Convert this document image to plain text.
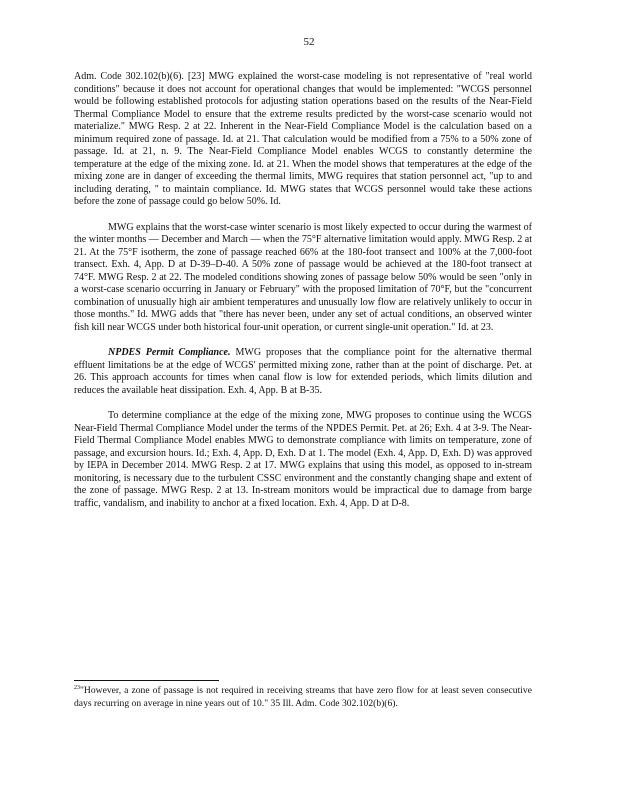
52

Adm. Code 302.102(b)(6). [23] MWG explained the worst-case modeling is not representative of "real world conditions" because it does not account for operational changes that would be implemented: "WCGS personnel would be following established protocols for adjusting station operations based on the results of the Near-Field Thermal Compliance Model to ensure that the extreme results predicted by the worst-case scenario would not materialize." MWG Resp. 2 at 22. Inherent in the Near-Field Compliance Model is the calculation based on a minimum required zone of passage. Id. at 21. That calculation would be modified from a 75% to a 50% zone of passage. Id. at 21, n. 9. The Near-Field Compliance Model enables WCGS to constantly determine the temperature at the edge of the mixing zone. Id. at 21. When the model shows that temperatures at the edge of the mixing zone are in danger of exceeding the thermal limits, MWG requires that station personnel act, "up to and including derating, " to maintain compliance. Id. MWG states that WCGS personnel would take these actions before the zone of passage could go below 50%. Id.

MWG explains that the worst-case winter scenario is most likely expected to occur during the warmest of the winter months — December and March — when the 75°F alternative limitation would apply. MWG Resp. 2 at 21. At the 75°F isotherm, the zone of passage reached 66% at the 180-foot transect and 100% at the 7,000-foot transect. Exh. 4, App. D at D-39–D-40. A 50% zone of passage would be achieved at the 180-foot transect at 74°F. MWG Resp. 2 at 22. The modeled conditions showing zones of passage below 50% would be seen "only in a worst-case scenario occurring in January or February" with the proposed limitation of 70°F, but the "concurrent combination of unusually high air ambient temperatures and unusually low flow are relatively unlikely to occur in those months." Id. MWG adds that "there has never been, under any set of actual conditions, an observed winter fish kill near WCGS under both historical four-unit operation, or current single-unit operation." Id. at 23.

NPDES Permit Compliance. MWG proposes that the compliance point for the alternative thermal effluent limitations be at the edge of WCGS' permitted mixing zone, rather than at the point of discharge. Pet. at 26. This approach accounts for times when canal flow is low for extended periods, which limits dilution and reduces the available heat dissipation. Exh. 4, App. B at B-35.

To determine compliance at the edge of the mixing zone, MWG proposes to continue using the WCGS Near-Field Thermal Compliance Model under the terms of the NPDES Permit. Pet. at 26; Exh. 4 at 3-9. The Near-Field Thermal Compliance Model enables MWG to demonstrate compliance with limits on temperature, zone of passage, and excursion hours. Id.; Exh. 4, App. D, Exh. D at 1. The model (Exh. 4, App. D, Exh. D) was approved by IEPA in December 2014. MWG Resp. 2 at 17. MWG explains that using this model, as opposed to in-stream monitoring, is necessary due to the turbulent CSSC environment and the constantly changing shape and extent of the zone of passage. MWG Resp. 2 at 13. In-stream monitors would be impractical due to damage from barge traffic, vandalism, and inability to anchor at a fixed location. Exh. 4, App. D at D-8.

$^{23}$"However, a zone of passage is not required in receiving streams that have zero flow for at least seven consecutive days recurring on average in nine years out of 10." 35 Ill. Adm. Code 302.102(b)(6).
